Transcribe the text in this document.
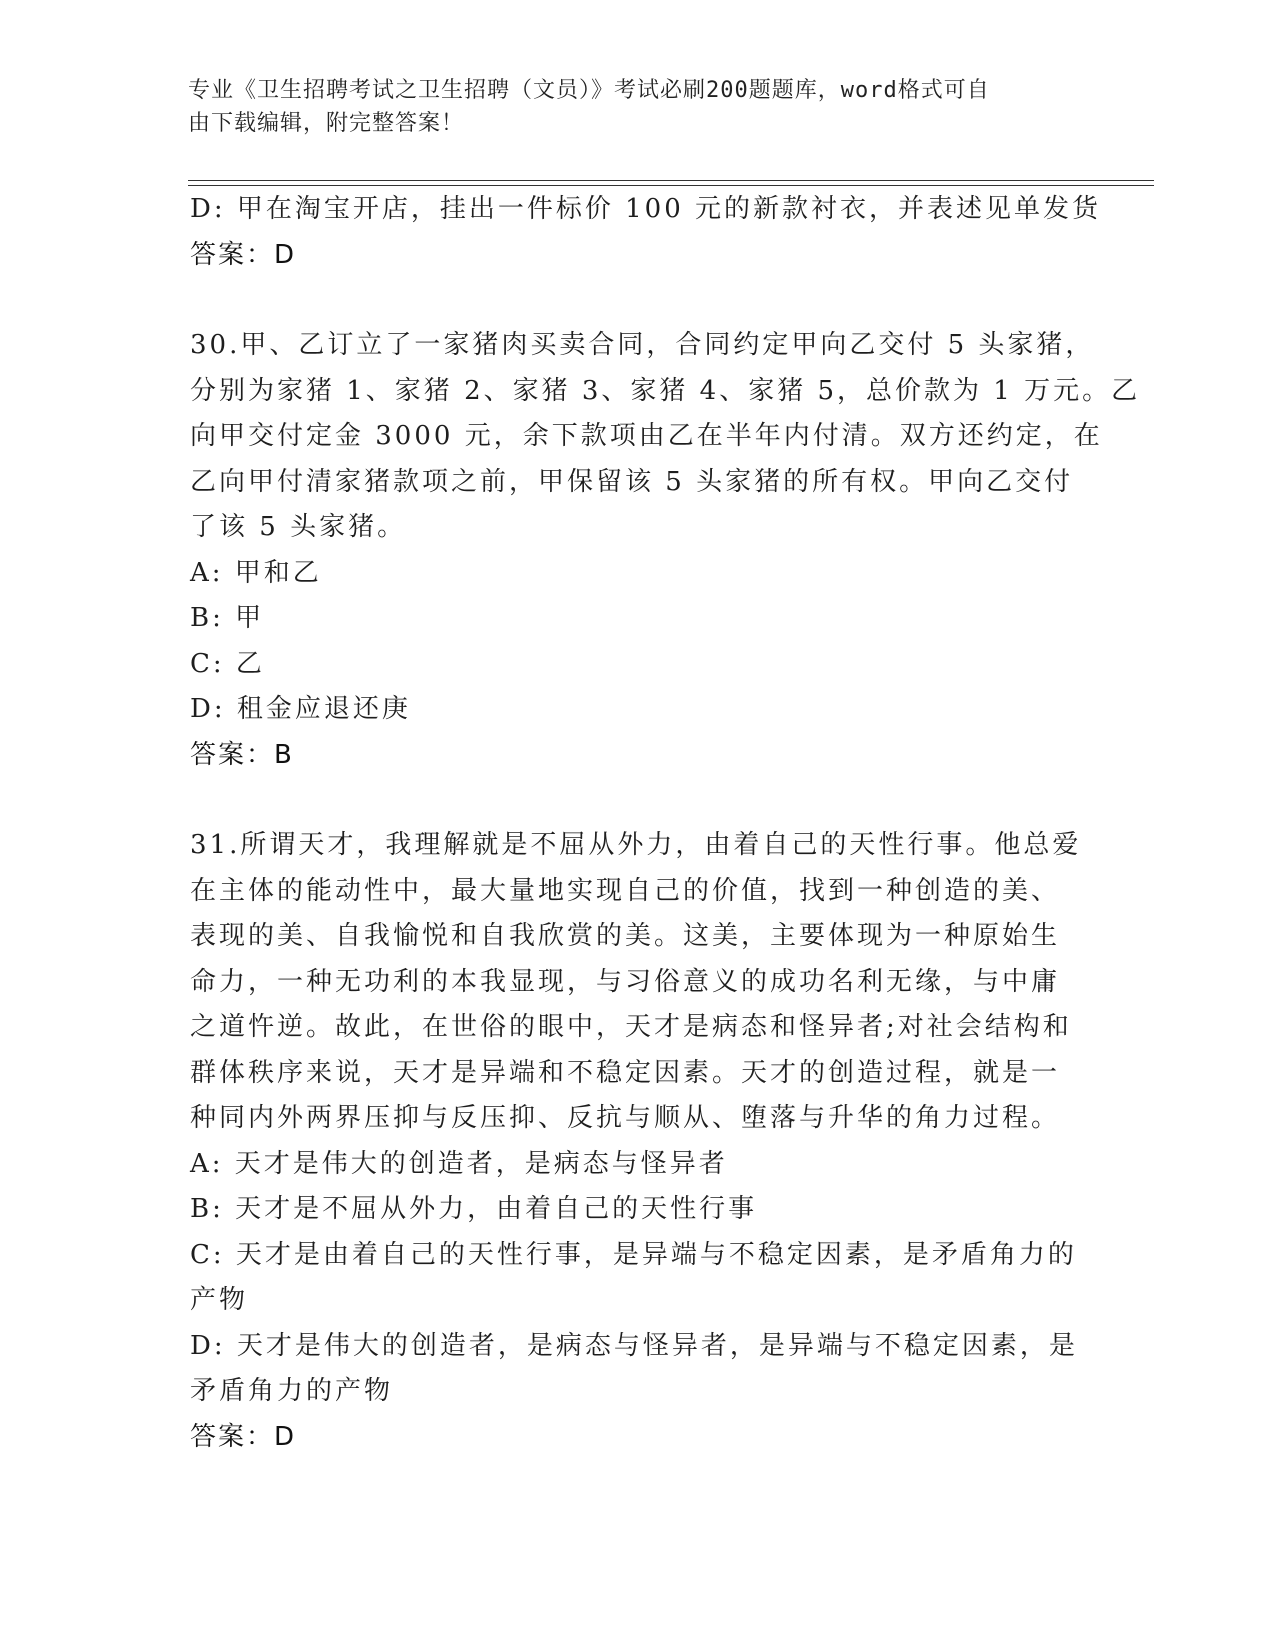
专业《卫生招聘考试之卫生招聘（文员）》考试必刷200题题库，word格式可自
由下载编辑，附完整答案！
D: 甲在淘宝开店，挂出一件标价 100 元的新款衬衣，并表述见单发货
答案：D
30.甲、乙订立了一家猪肉买卖合同，合同约定甲向乙交付 5 头家猪，
分别为家猪 1、家猪 2、家猪 3、家猪 4、家猪 5，总价款为 1 万元。乙
向甲交付定金 3000 元，余下款项由乙在半年内付清。双方还约定，在
乙向甲付清家猪款项之前，甲保留该 5 头家猪的所有权。甲向乙交付
了该 5 头家猪。
A: 甲和乙
B: 甲
C: 乙
D: 租金应退还庚
答案：B
31.所谓天才，我理解就是不屈从外力，由着自己的天性行事。他总爱
在主体的能动性中，最大量地实现自己的价值，找到一种创造的美、
表现的美、自我愉悦和自我欣赏的美。这美，主要体现为一种原始生
命力，一种无功利的本我显现，与习俗意义的成功名利无缘，与中庸
之道忤逆。故此，在世俗的眼中，天才是病态和怪异者;对社会结构和
群体秩序来说，天才是异端和不稳定因素。天才的创造过程，就是一
种同内外两界压抑与反压抑、反抗与顺从、堕落与升华的角力过程。
A: 天才是伟大的创造者，是病态与怪异者
B: 天才是不屈从外力，由着自己的天性行事
C: 天才是由着自己的天性行事，是异端与不稳定因素，是矛盾角力的
产物
D: 天才是伟大的创造者，是病态与怪异者，是异端与不稳定因素，是
矛盾角力的产物
答案：D
